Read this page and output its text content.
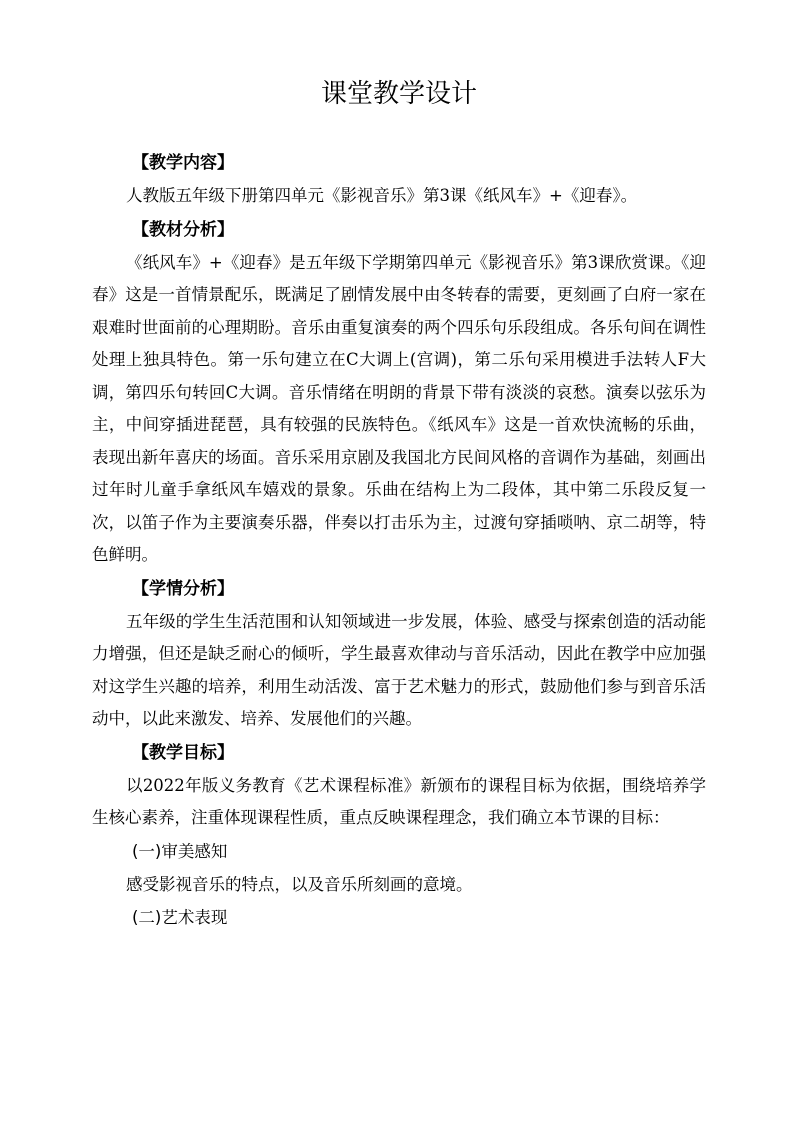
课堂教学设计

【教学内容】

人教版五年级下册第四单元《影视音乐》第3课《纸风车》+《迎春》。

【教材分析】

《纸风车》+《迎春》是五年级下学期第四单元《影视音乐》第3课欣赏课。《迎春》这是一首情景配乐，既满足了剧情发展中由冬转春的需要，更刻画了白府一家在艰难时世面前的心理期盼。音乐由重复演奏的两个四乐句乐段组成。各乐句间在调性处理上独具特色。第一乐句建立在C大调上(宫调)，第二乐句采用模进手法转人F大调，第四乐句转回C大调。音乐情绪在明朗的背景下带有淡淡的哀愁。演奏以弦乐为主，中间穿插进琵琶，具有较强的民族特色。《纸风车》这是一首欢快流畅的乐曲，表现出新年喜庆的场面。音乐采用京剧及我国北方民间风格的音调作为基础，刻画出过年时儿童手拿纸风车嬉戏的景象。乐曲在结构上为二段体，其中第二乐段反复一次，以笛子作为主要演奏乐器，伴奏以打击乐为主，过渡句穿插唢呐、京二胡等，特色鲜明。

【学情分析】

五年级的学生生活范围和认知领域进一步发展，体验、感受与探索创造的活动能力增强，但还是缺乏耐心的倾听，学生最喜欢律动与音乐活动，因此在教学中应加强对这学生兴趣的培养，利用生动活泼、富于艺术魅力的形式，鼓励他们参与到音乐活动中，以此来激发、培养、发展他们的兴趣。

【教学目标】

以2022年版义务教育《艺术课程标准》新颁布的课程目标为依据，围绕培养学生核心素养，注重体现课程性质，重点反映课程理念，我们确立本节课的目标：

(一)审美感知

感受影视音乐的特点，以及音乐所刻画的意境。

(二)艺术表现
